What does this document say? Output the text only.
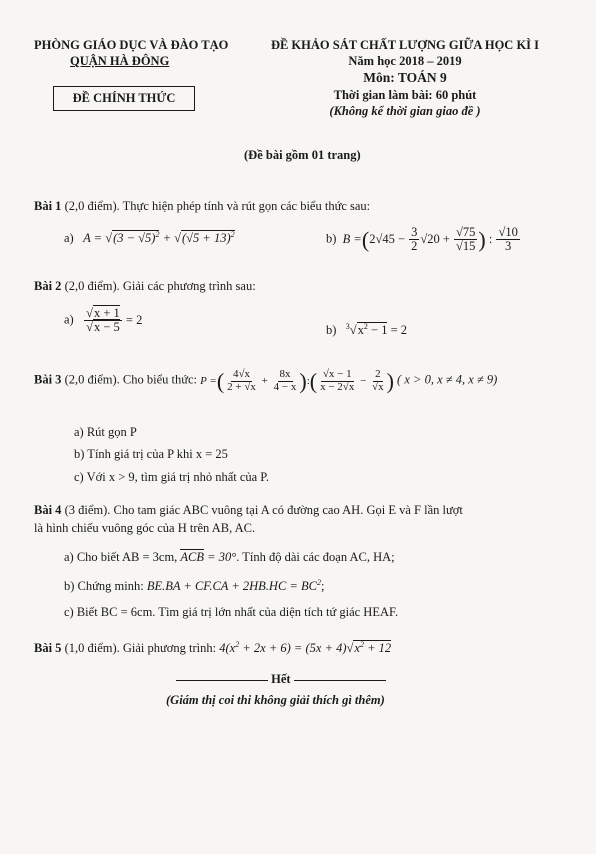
PHÒNG GIÁO DỤC VÀ ĐÀO TẠO
QUẬN HÀ ĐÔNG
ĐỀ CHÍNH THỨC
ĐỀ KHẢO SÁT CHẤT LƯỢNG GIỮA HỌC KÌ I
Năm học 2018 – 2019
Môn: TOÁN 9
Thời gian làm bài: 60 phút
(Không kể thời gian giao đề )
(Đề bài gồm 01 trang)
Bài 1 (2,0 điểm). Thực hiện phép tính và rút gọn các biểu thức sau:
a) $A = √(3 - √5)^2 + √(√5 + 13)^2$	b) $B =(2√45 - \frac{3}{2} √20 + \frac{√75}{√15}$ ) : $\frac{√10}{3}$
Bài 2 (2,0 điểm). Giải các phương trình sau:
$a) \frac{√x + 1}{√x - 5} = 2$
b) $^3√x^2 - 1 = 2$
Bài 3 (2,0 điểm). Cho biểu thức: P =( $\frac{4√x}{2 + √x} + \frac{8x}{4 - x}$ ):( $\frac{√x - 1}{x - 2√x} - \frac{2}{√x}$ ) ( x > 0, x ≠ 4, x ≠ 9)
a) Rút gọn P
b) Tính giá trị của P khi x = 25
c) Với x > 9, tìm giá trị nhỏ nhất của P.
Bài 4 (3 điểm). Cho tam giác ABC vuông tại A có đường cao AH. Gọi E và F lần lượt
là hình chiếu vuông góc của H trên AB, AC.
a) Cho biết AB = 3cm, ACB = 30°. Tính độ dài các đoạn AC, HA;
b) Chứng minh: $BE.BA + CF.CA + 2HB.HC = BC^2$;
c) Biết BC = 6cm. Tìm giá trị lớn nhất của diện tích tứ giác HEAF.
Bài 5 (1,0 điểm). Giải phương trình: $4(x^2 + 2x + 6) = (5x + 4)√x^2 + 12$
Hết
(Giám thị coi thi không giải thích gì thêm)
